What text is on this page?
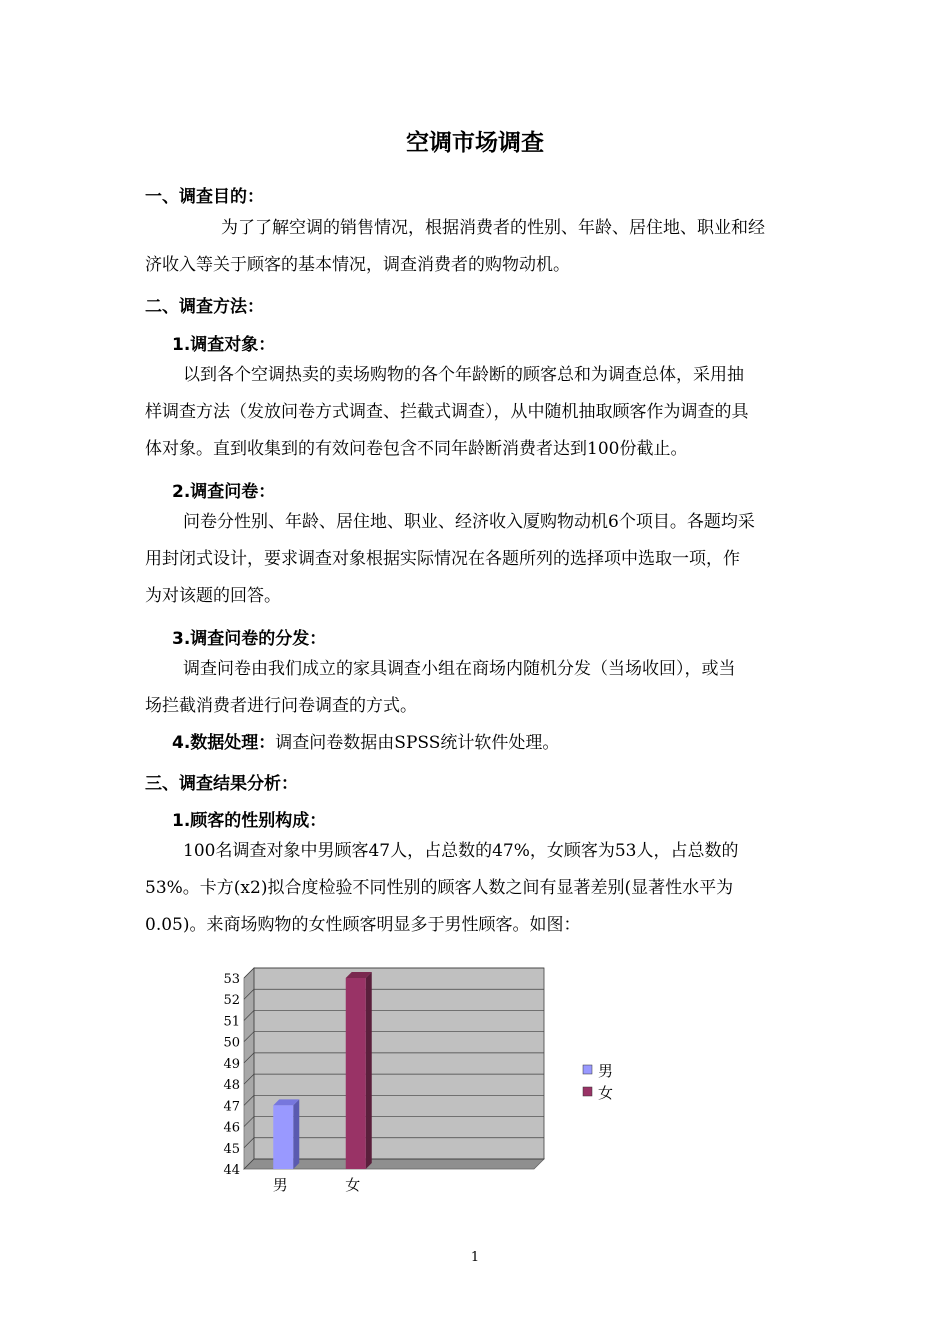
空调市场调查
一、调查目的：

为了了解空调的销售情况，根据消费者的性别、年龄、居住地、职业和经
济收入等关于顾客的基本情况，调查消费者的购物动机。

二、调查方法：
1.调查对象：

以到各个空调热卖的卖场购物的各个年龄断的顾客总和为调查总体，采用抽
样调查方法（发放问卷方式调查、拦截式调查），从中随机抽取顾客作为调查的具
体对象。直到收集到的有效问卷包含不同年龄断消费者达到100份截止。

2.调查问卷：

问卷分性别、年龄、居住地、职业、经济收入厦购物动机6个项目。各题均采
用封闭式设计，要求调查对象根据实际情况在各题所列的选择项中选取一项，作
为对该题的回答。

3.调查问卷的分发：

调查问卷由我们成立的家具调查小组在商场内随机分发（当场收回），或当
场拦截消费者进行问卷调查的方式。

4.数据处理：调查问卷数据由SPSS统计软件处理。

三、调查结果分析：
1.顾客的性别构成：

100名调查对象中男顾客47人，占总数的47%，女顾客为53人，占总数的
53%。卡方(x2)拟合度检验不同性别的顾客人数之间有显著差别(显著性水平为
0.05)。来商场购物的女性顾客明显多于男性顾客。如图：

44
45
46
47
48
49
50
51
52
53
男	女
男
女
1
